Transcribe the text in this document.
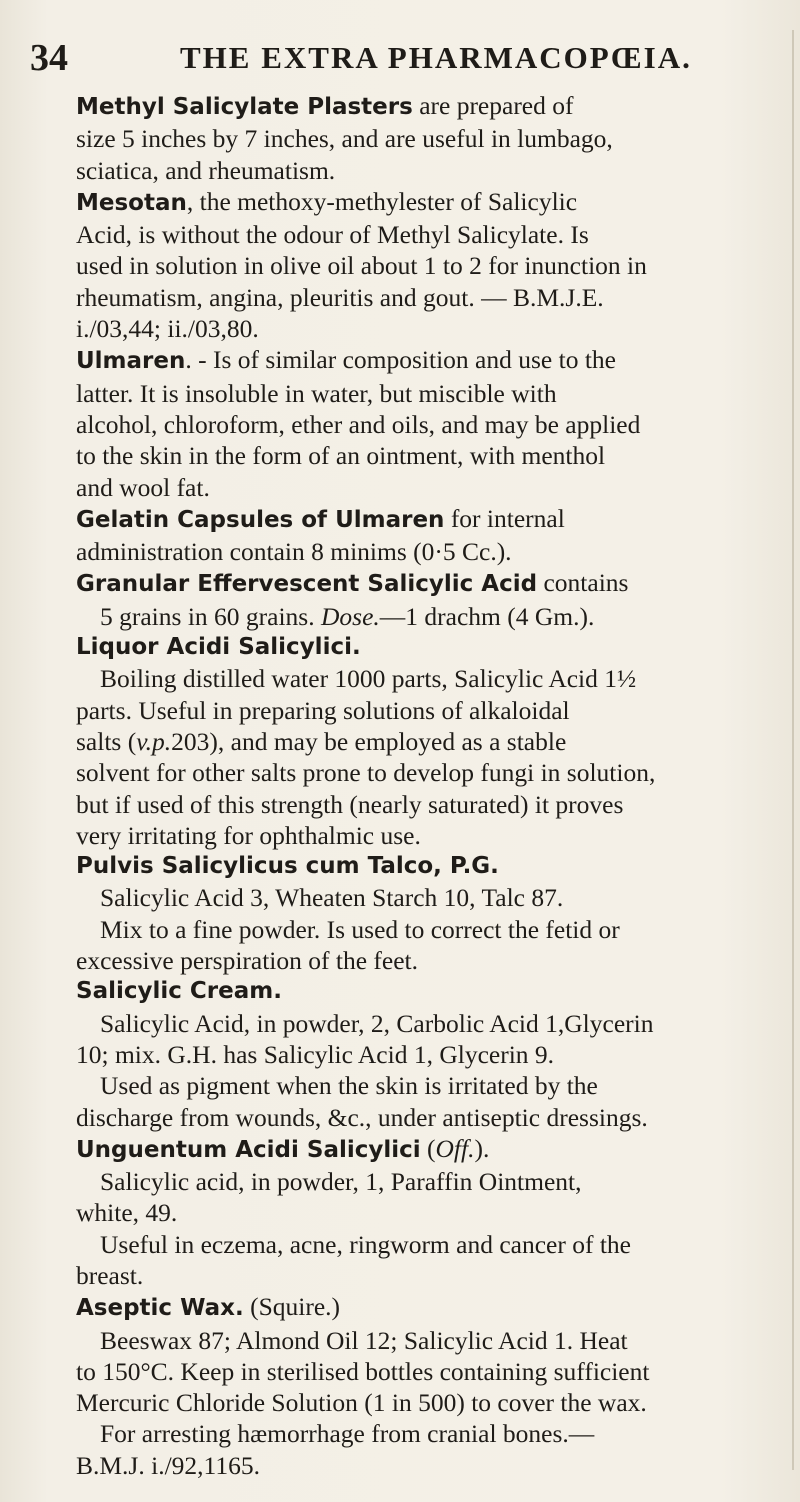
34	THE EXTRA PHARMACOPŒIA.
Methyl Salicylate Plasters are prepared of
size 5 inches by 7 inches, and are useful in lumbago,
sciatica, and rheumatism.
Mesotan, the methoxy-methylester of Salicylic
Acid, is without the odour of Methyl Salicylate. Is
used in solution in olive oil about 1 to 2 for inunction in
rheumatism, angina, pleuritis and gout. — B.M.J.E.
i./03,44; ii./03,80.
Ulmaren. - Is of similar composition and use to the
latter. It is insoluble in water, but miscible with
alcohol, chloroform, ether and oils, and may be applied
to the skin in the form of an ointment, with menthol
and wool fat.
Gelatin Capsules of Ulmaren for internal
administration contain 8 minims (0·5 Cc.).
Granular Effervescent Salicylic Acid contains
5 grains in 60 grains. Dose.—1 drachm (4 Gm.).
Liquor Acidi Salicylici.
Boiling distilled water 1000 parts, Salicylic Acid 1½
parts. Useful in preparing solutions of alkaloidal
salts (v.p.203), and may be employed as a stable
solvent for other salts prone to develop fungi in solution,
but if used of this strength (nearly saturated) it proves
very irritating for ophthalmic use.
Pulvis Salicylicus cum Talco, P.G.
Salicylic Acid 3, Wheaten Starch 10, Talc 87.
Mix to a fine powder. Is used to correct the fetid or
excessive perspiration of the feet.
Salicylic Cream.
Salicylic Acid, in powder, 2, Carbolic Acid 1,Glycerin
10; mix. G.H. has Salicylic Acid 1, Glycerin 9.
Used as pigment when the skin is irritated by the
discharge from wounds, &c., under antiseptic dressings.
Unguentum Acidi Salicylici (Off.).
Salicylic acid, in powder, 1, Paraffin Ointment,
white, 49.
Useful in eczema, acne, ringworm and cancer of the
breast.
Aseptic Wax. (Squire.)
Beeswax 87; Almond Oil 12; Salicylic Acid 1. Heat
to 150°C. Keep in sterilised bottles containing sufficient
Mercuric Chloride Solution (1 in 500) to cover the wax.
For arresting hæmorrhage from cranial bones.—
B.M.J. i./92,1165.
